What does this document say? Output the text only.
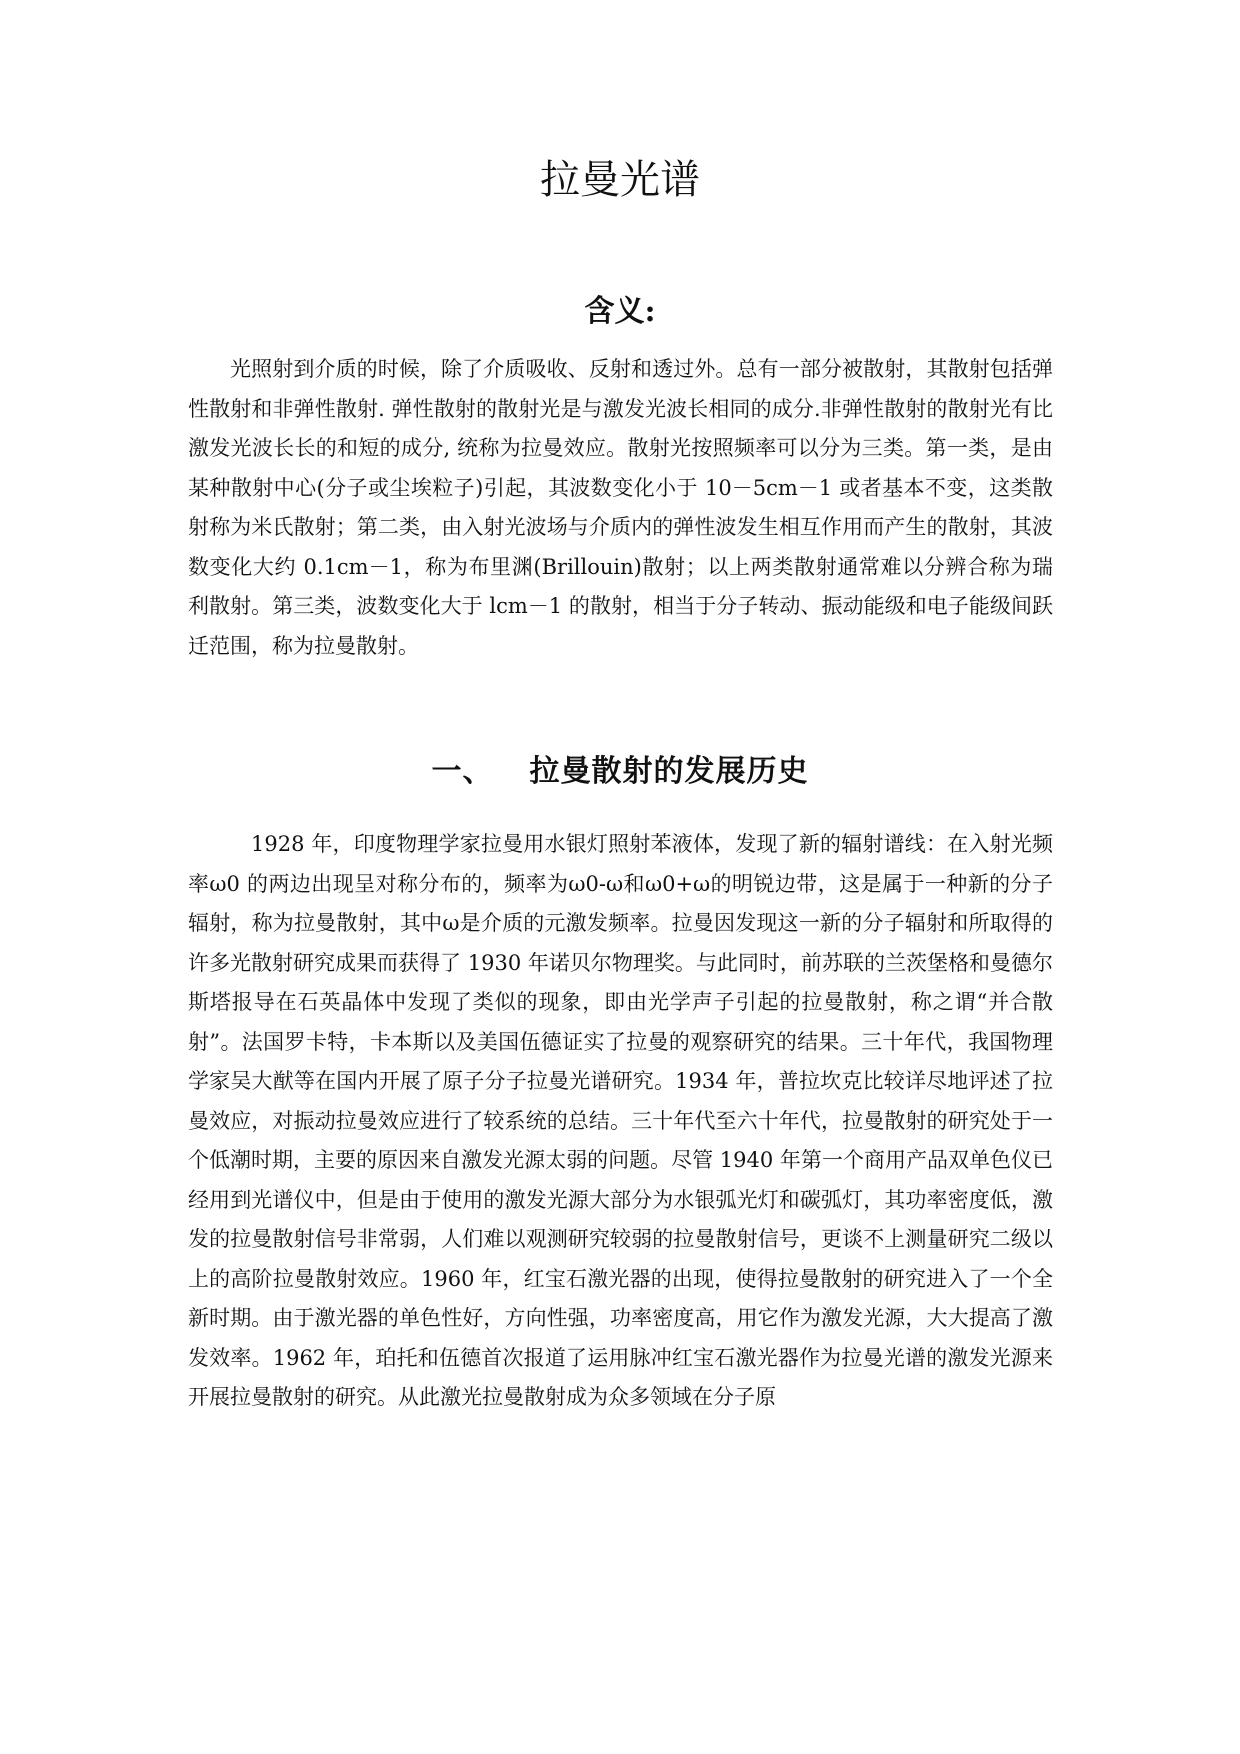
拉曼光谱
含义:

光照射到介质的时候，除了介质吸收、反射和透过外。总有一部分被散射，其散射包括弹性散射和非弹性散射. 弹性散射的散射光是与激发光波长相同的成分.非弹性散射的散射光有比激发光波长长的和短的成分, 统称为拉曼效应。散射光按照频率可以分为三类。第一类，是由某种散射中心(分子或尘埃粒子)引起，其波数变化小于 10－5cm－1 或者基本不变，这类散射称为米氏散射；第二类，由入射光波场与介质内的弹性波发生相互作用而产生的散射，其波数变化大约 0.1cm－1，称为布里渊(Brillouin)散射；以上两类散射通常难以分辨合称为瑞利散射。第三类，波数变化大于 lcm－1 的散射，相当于分子转动、振动能级和电子能级间跃迁范围，称为拉曼散射。

一、 拉曼散射的发展历史

1928 年，印度物理学家拉曼用水银灯照射苯液体，发现了新的辐射谱线：在入射光频率ω0 的两边出现呈对称分布的，频率为ω0-ω和ω0+ω的明锐边带，这是属于一种新的分子辐射，称为拉曼散射，其中ω是介质的元激发频率。拉曼因发现这一新的分子辐射和所取得的许多光散射研究成果而获得了 1930 年诺贝尔物理奖。与此同时，前苏联的兰茨堡格和曼德尔斯塔报导在石英晶体中发现了类似的现象，即由光学声子引起的拉曼散射，称之谓“并合散射”。法国罗卡特，卡本斯以及美国伍德证实了拉曼的观察研究的结果。三十年代，我国物理学家吴大猷等在国内开展了原子分子拉曼光谱研究。1934 年，普拉坎克比较详尽地评述了拉曼效应，对振动拉曼效应进行了较系统的总结。三十年代至六十年代，拉曼散射的研究处于一个低潮时期，主要的原因来自激发光源太弱的问题。尽管 1940 年第一个商用产品双单色仪已经用到光谱仪中，但是由于使用的激发光源大部分为水银弧光灯和碳弧灯，其功率密度低，激发的拉曼散射信号非常弱，人们难以观测研究较弱的拉曼散射信号，更谈不上测量研究二级以上的高阶拉曼散射效应。1960 年，红宝石激光器的出现，使得拉曼散射的研究进入了一个全新时期。由于激光器的单色性好，方向性强，功率密度高，用它作为激发光源，大大提高了激发效率。1962 年，珀托和伍德首次报道了运用脉冲红宝石激光器作为拉曼光谱的激发光源来开展拉曼散射的研究。从此激光拉曼散射成为众多领域在分子原
